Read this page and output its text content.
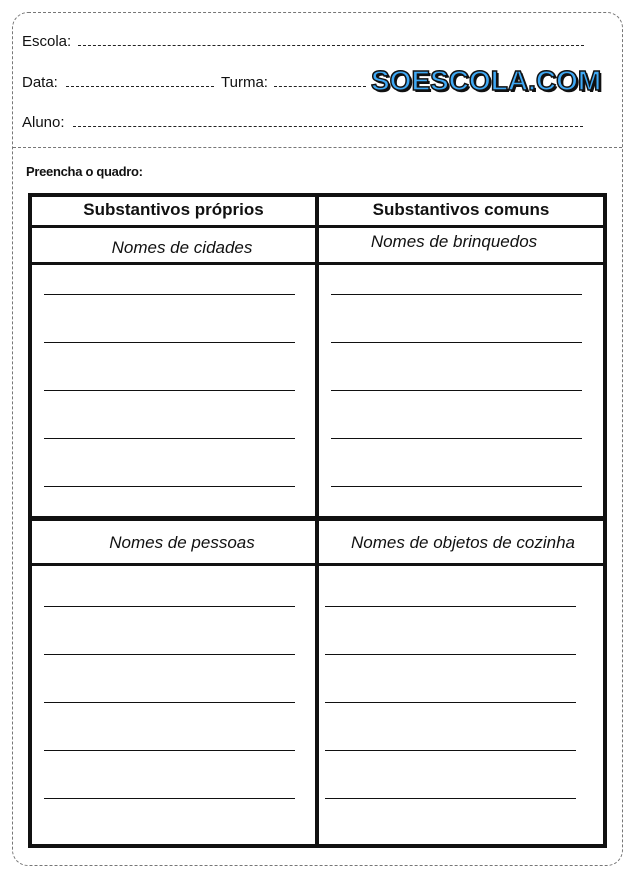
Escola:
Data:	Turma:	SOESCOLA.COM
Aluno:
Preencha o quadro:
Substantivos próprios	Substantivos comuns
Nomes de cidades	Nomes de brinquedos
Nomes de pessoas	Nomes de objetos de cozinha
